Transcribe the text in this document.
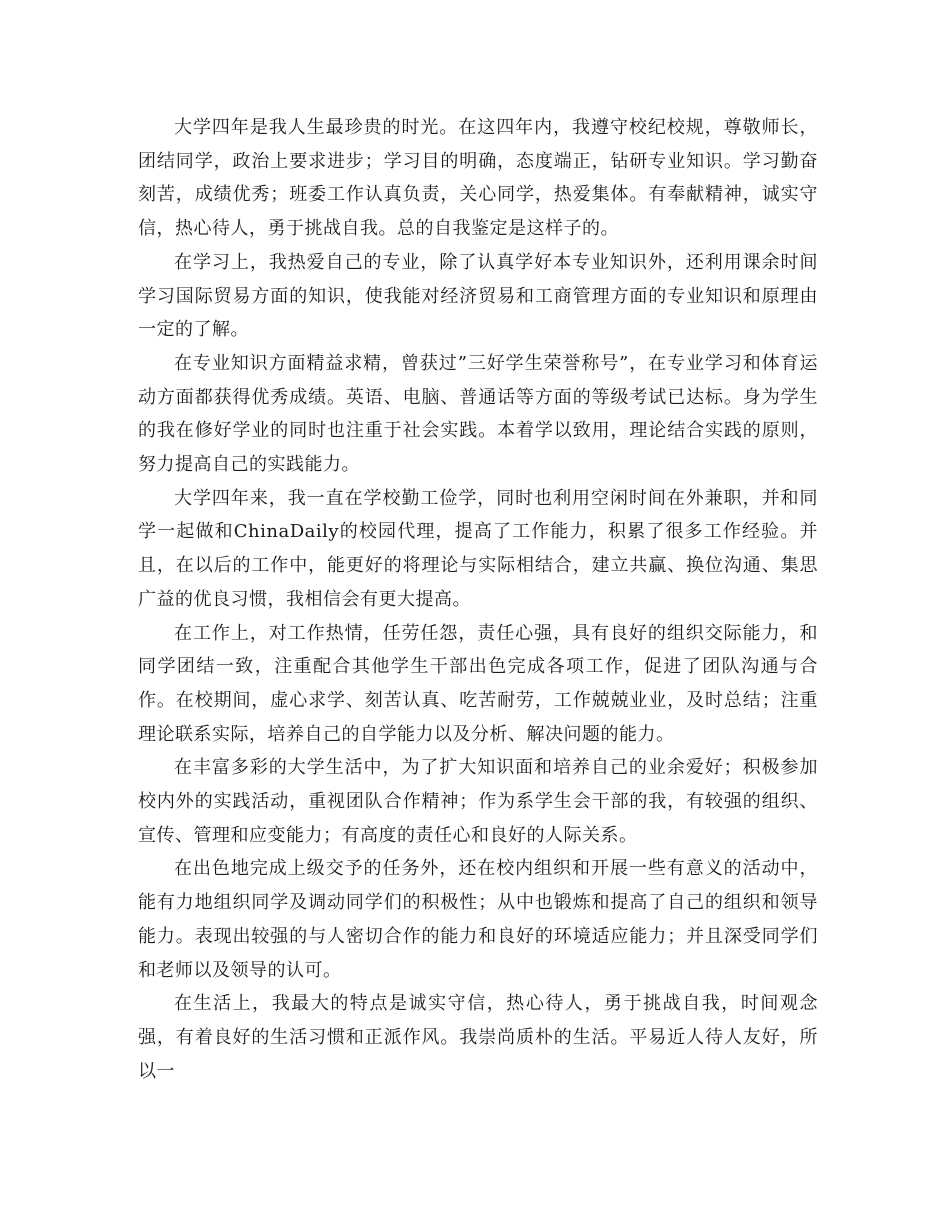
大学四年是我人生最珍贵的时光。在这四年内，我遵守校纪校规，尊敬师长，团结同学，政治上要求进步；学习目的明确，态度端正，钻研专业知识。学习勤奋刻苦，成绩优秀；班委工作认真负责，关心同学，热爱集体。有奉献精神，诚实守信，热心待人，勇于挑战自我。总的自我鉴定是这样子的。

在学习上，我热爱自己的专业，除了认真学好本专业知识外，还利用课余时间学习国际贸易方面的知识，使我能对经济贸易和工商管理方面的专业知识和原理由一定的了解。

在专业知识方面精益求精，曾获过”三好学生荣誉称号”，在专业学习和体育运动方面都获得优秀成绩。英语、电脑、普通话等方面的等级考试已达标。身为学生的我在修好学业的同时也注重于社会实践。本着学以致用，理论结合实践的原则，努力提高自己的实践能力。

大学四年来，我一直在学校勤工俭学，同时也利用空闲时间在外兼职，并和同学一起做和ChinaDaily的校园代理，提高了工作能力，积累了很多工作经验。并且，在以后的工作中，能更好的将理论与实际相结合，建立共赢、换位沟通、集思广益的优良习惯，我相信会有更大提高。

在工作上，对工作热情，任劳任怨，责任心强，具有良好的组织交际能力，和同学团结一致，注重配合其他学生干部出色完成各项工作，促进了团队沟通与合作。在校期间，虚心求学、刻苦认真、吃苦耐劳，工作兢兢业业，及时总结；注重理论联系实际，培养自己的自学能力以及分析、解决问题的能力。

在丰富多彩的大学生活中，为了扩大知识面和培养自己的业余爱好；积极参加校内外的实践活动，重视团队合作精神；作为系学生会干部的我，有较强的组织、宣传、管理和应变能力；有高度的责任心和良好的人际关系。

在出色地完成上级交予的任务外，还在校内组织和开展一些有意义的活动中，能有力地组织同学及调动同学们的积极性；从中也锻炼和提高了自己的组织和领导能力。表现出较强的与人密切合作的能力和良好的环境适应能力；并且深受同学们和老师以及领导的认可。

在生活上，我最大的特点是诚实守信，热心待人，勇于挑战自我，时间观念强，有着良好的生活习惯和正派作风。我崇尚质朴的生活。平易近人待人友好，所以一
